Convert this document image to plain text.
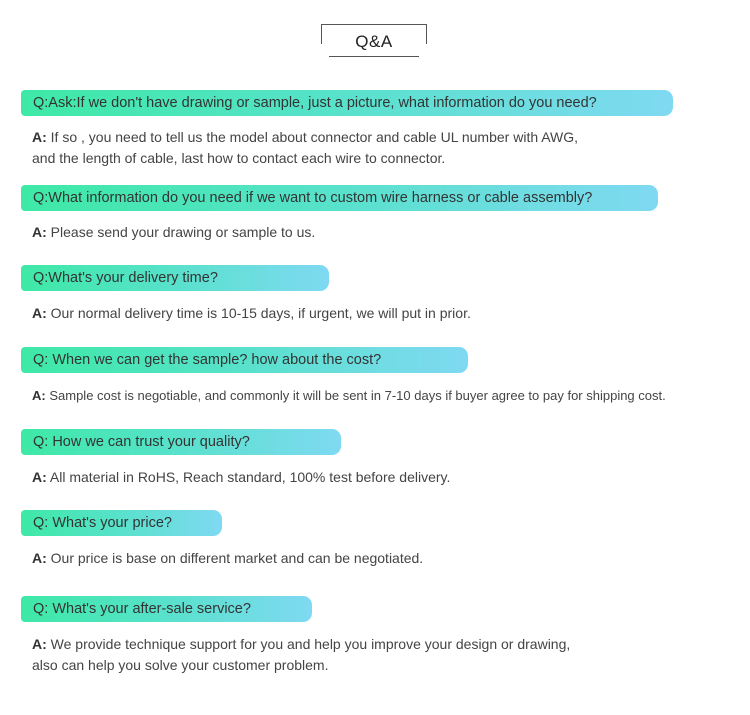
Q&A
Q:Ask:If we don't have drawing or sample, just a picture, what information do you need?
A: If so , you need to tell us the model about connector and cable UL number with AWG,
and the length of cable, last how to contact each wire to connector.
Q:What information do you need if we want to custom wire harness or cable assembly?
A: Please send your drawing or sample to us.
Q:What's your delivery time?
A: Our normal delivery time is 10-15 days, if urgent, we will put in prior.
Q: When we can get the sample? how about the cost?
A: Sample cost is negotiable, and commonly it will be sent in 7-10 days if buyer agree to pay for shipping cost.
Q: How we can trust your quality?
A: All material in RoHS, Reach standard, 100% test before delivery.
Q: What's your price?
A: Our price is base on different market and can be negotiated.
Q: What's your after-sale service?
A: We provide technique support for you and help you improve your design or drawing,
also can help you solve your customer problem.
